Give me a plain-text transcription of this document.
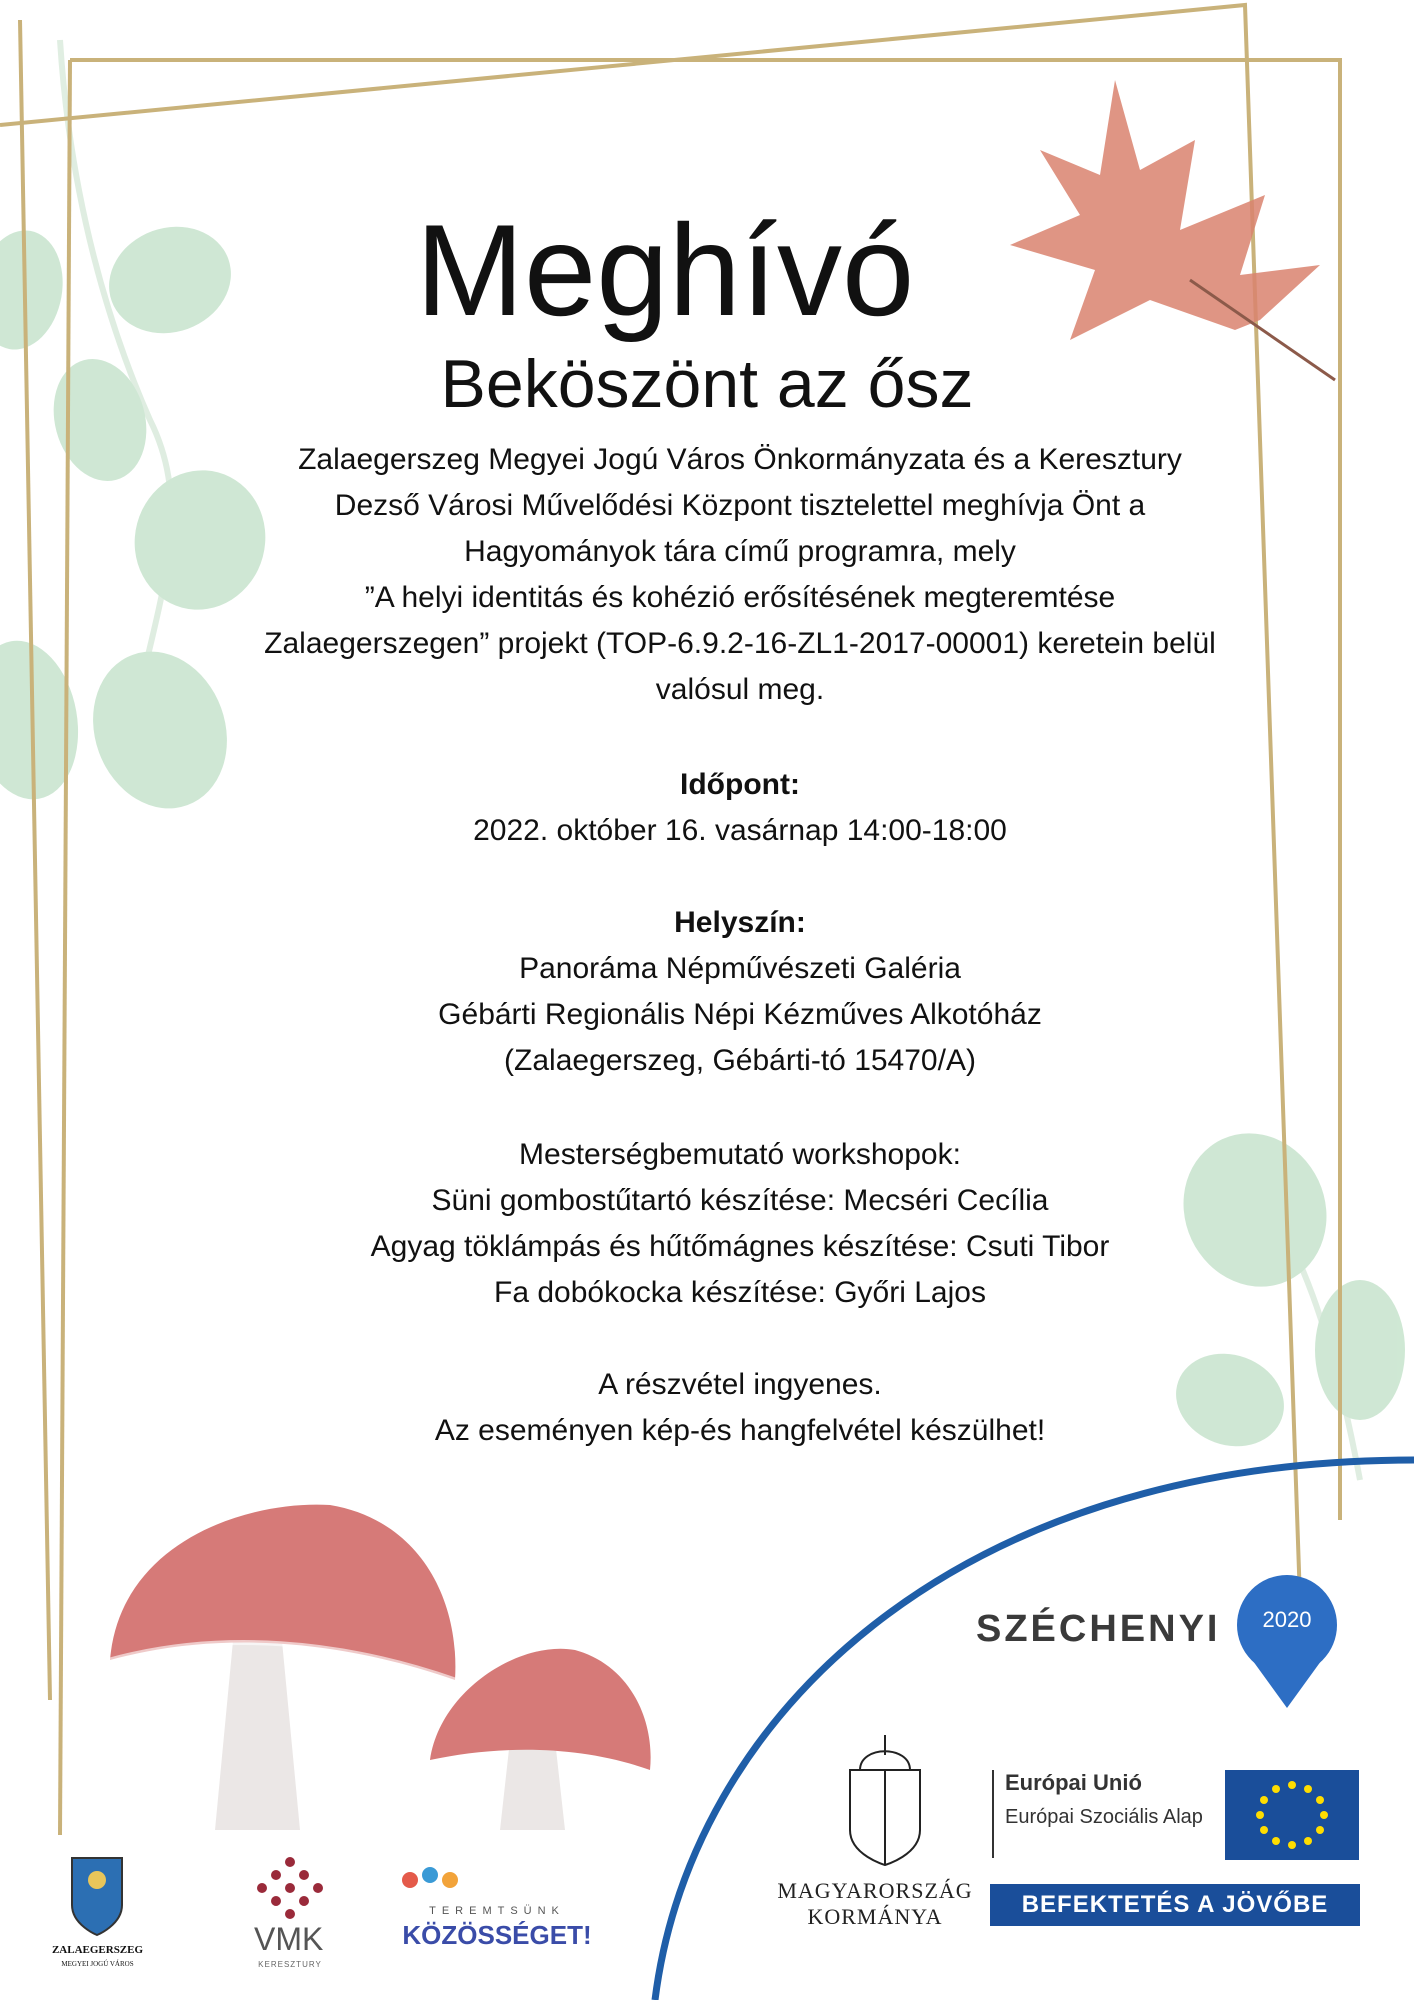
VMK
Meghívó
Beköszönt az ősz

Zalaegerszeg Megyei Jogú Város Önkormányzata és a Keresztury

Dezső Városi Művelődési Központ tisztelettel meghívja Önt a

Hagyományok tára című programra, mely

”A helyi identitás és kohézió erősítésének megteremtése

Zalaegerszegen” projekt (TOP-6.9.2-16-ZL1-2017-00001) keretein belül

valósul meg.

Időpont:

2022. október 16. vasárnap 14:00-18:00

Helyszín:

Panoráma Népművészeti Galéria

Gébárti Regionális Népi Kézműves Alkotóház

(Zalaegerszeg, Gébárti-tó 15470/A)

Mesterségbemutató workshopok:

Süni gombostűtartó készítése: Mecséri Cecília

Agyag töklámpás és hűtőmágnes készítése: Csuti Tibor

Fa dobókocka készítése: Győri Lajos

A részvétel ingyenes.

Az eseményen kép-és hangfelvétel készülhet!

SZÉCHENYI	2020
MAGYARORSZÁG
KORMÁNYA
Európai Unió
Európai Szociális Alap
BEFEKTETÉS A JÖVŐBE
ZALAEGERSZEG
MEGYEI JOGÚ VÁROS	KERESZTURY
TEREMTSÜNK
KÖZÖSSÉGET!
